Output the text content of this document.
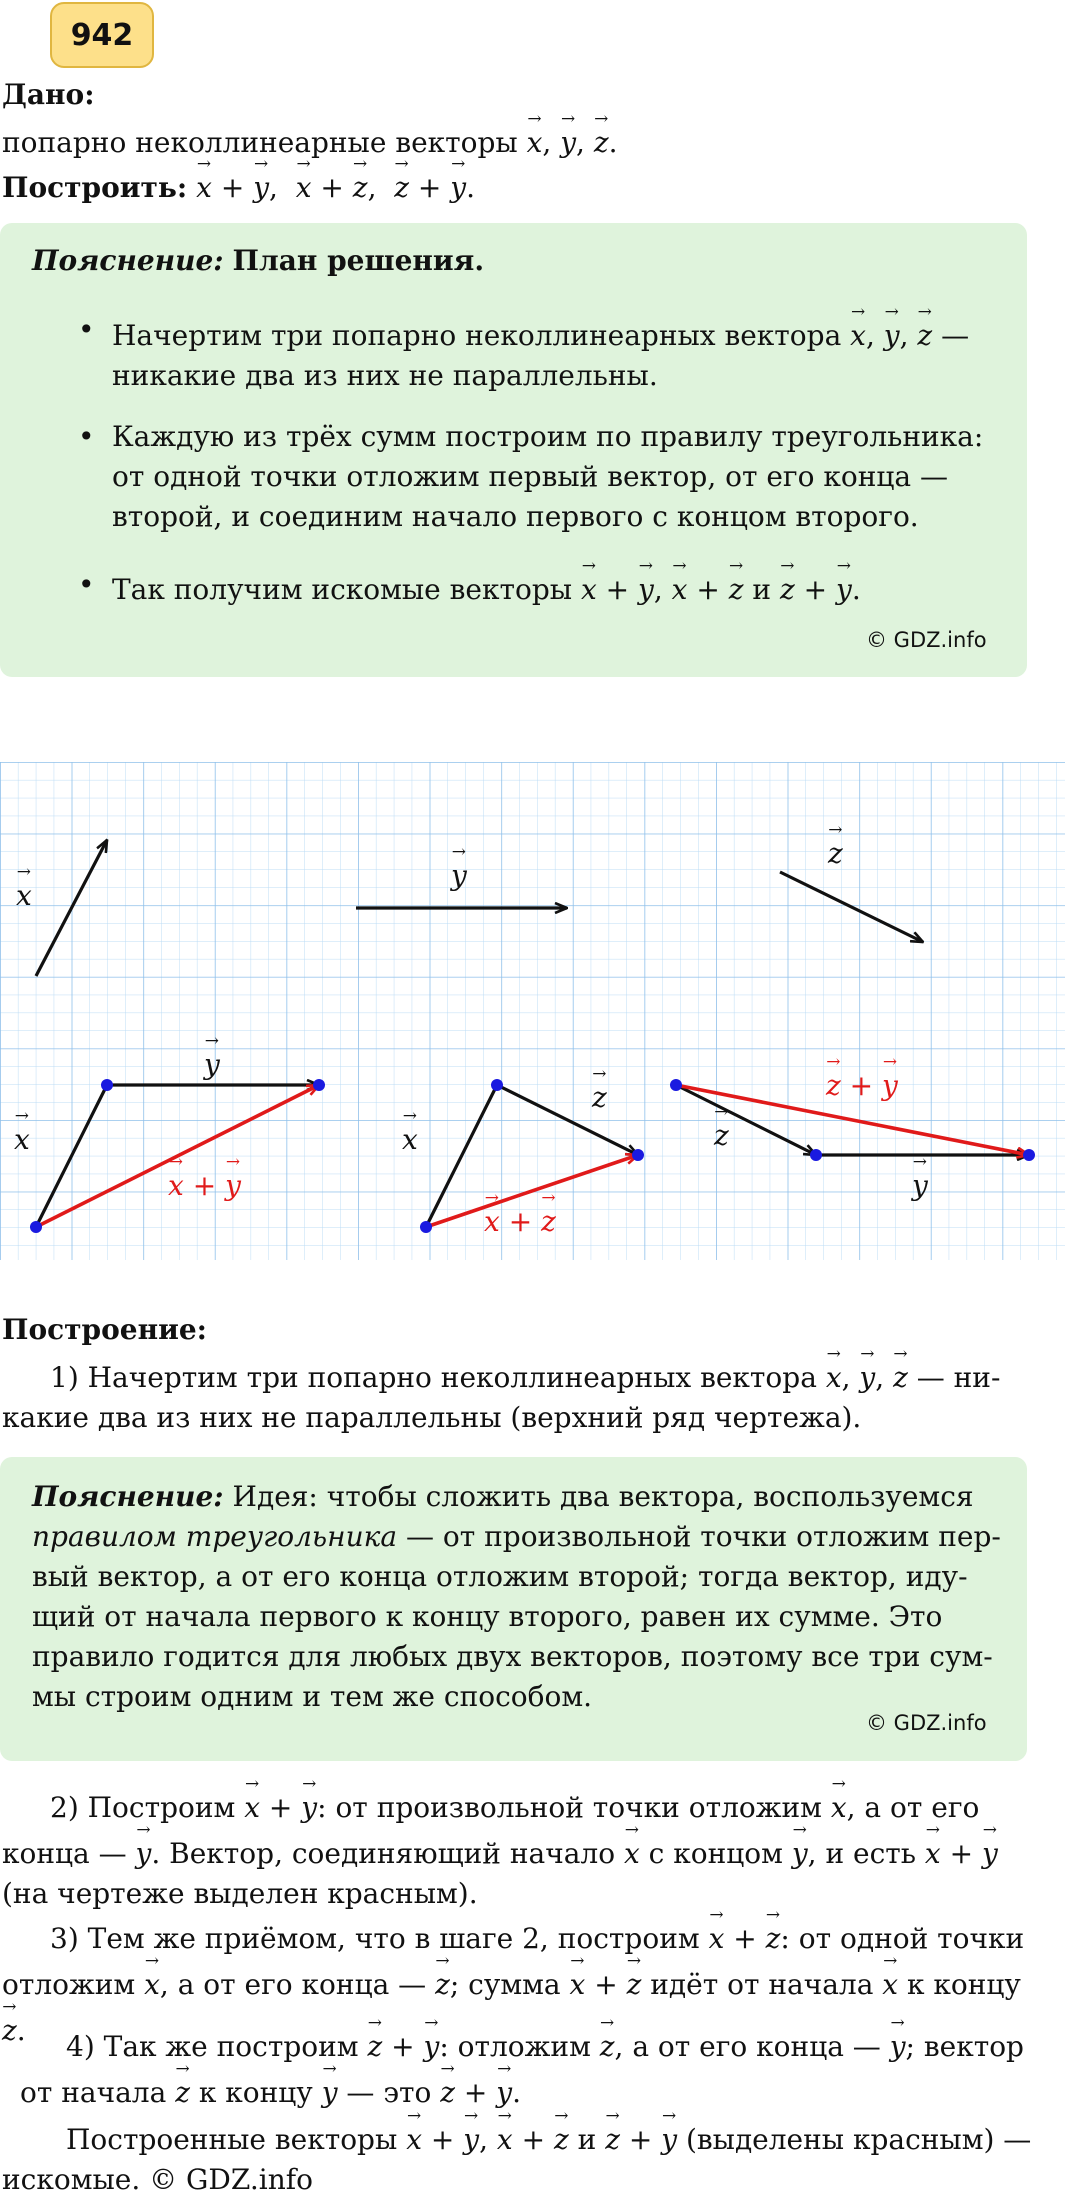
942
Дано:
попарно неколлинеарные векторы → x, → y, → z.
Построить: → x + → y,  → x + → z,  → z + → y.
Пояснение: План решения.
• Начертим три попарно неколлинеарных вектора → x, → y, → z —
никакие два из них не параллельны.
• Каждую из трёх сумм построим по правилу треугольника:
от одной точки отложим первый вектор, от его конца —
второй, и соединим начало первого с концом второго.
• Так получим искомые векторы → x + → y, → x + → z и → z + → y.
© GDZ.info
→ x
→ y
→ z
→ x
→ y
→ x + → y
→ x
→ z
→ x + → z
→ z
→ y
→ z + → y
Построение:
1) Начертим три попарно неколлинеарных вектора → x, → y, → z — ни-
какие два из них не параллельны (верхний ряд чертежа).
Пояснение: Идея: чтобы сложить два вектора, воспользуемся
правилом треугольника — от произвольной точки отложим пер-
вый вектор, а от его конца отложим второй; тогда вектор, иду-
щий от начала первого к концу второго, равен их сумме. Это
правило годится для любых двух векторов, поэтому все три сум-
мы строим одним и тем же способом.
© GDZ.info
2) Построим → x + → y: от произвольной точки отложим → x, а от его
конца — → y. Вектор, соединяющий начало → x с концом → y, и есть → x + → y
(на чертеже выделен красным).
3) Тем же приёмом, что в шаге 2, построим → x + → z: от одной точки
отложим → x, а от его конца — → z; сумма → x + → z идёт от начала → x к концу
→ z.	4) Так же построим → z + → y: отложим → z, а от его конца — → y; вектор
от начала → z к концу → y — это → z + → y.
Построенные векторы → x + → y, → x + → z и → z + → y (выделены красным) —
искомые. © GDZ.info
